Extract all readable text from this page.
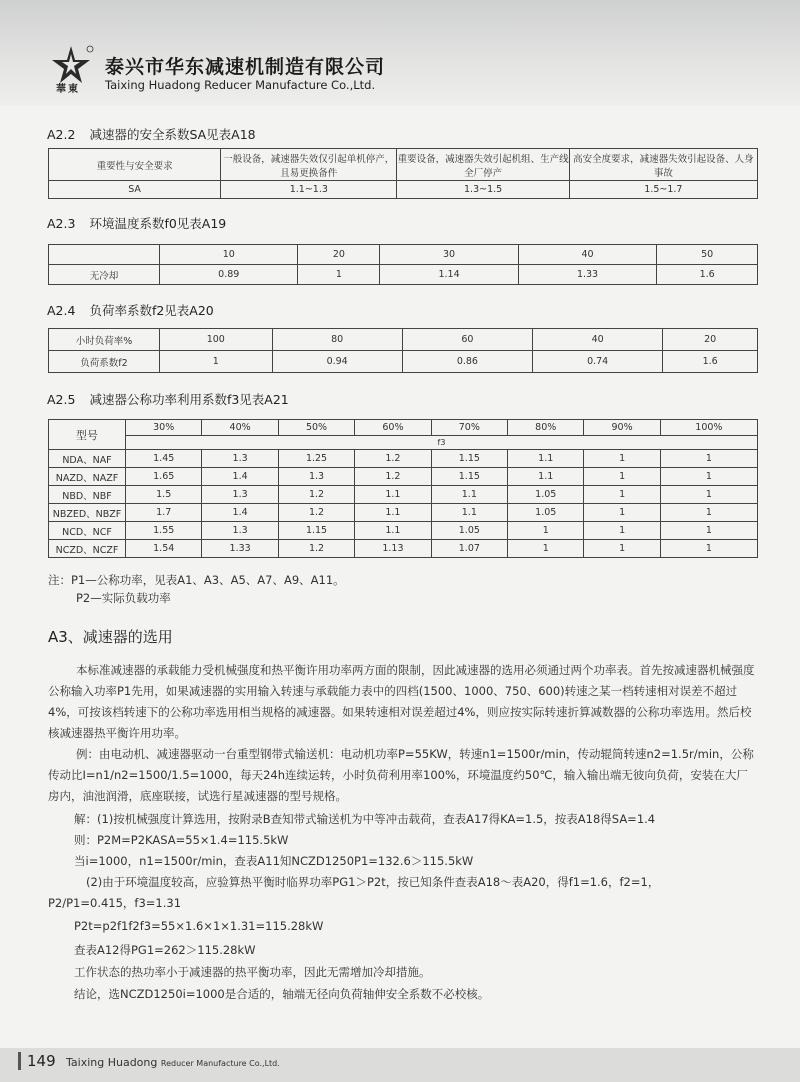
華東
泰兴市华东减速机制造有限公司
Taixing Huadong Reducer Manufacture Co.,Ltd.
A2.2 减速器的安全系数SA见表A18
重要性与安全要求	一般设备，减速器失效仅引起单机停产，且易更换备件	重要设备，减速器失效引起机组、生产线全厂停产	高安全度要求，减速器失效引起设备、人身事故
SA	1.1~1.3	1.3~1.5	1.5~1.7
A2.3 环境温度系数f0见表A19
	10	20	30	40	50
无冷却	0.89	1	1.14	1.33	1.6
A2.4 负荷率系数f2见表A20
小时负荷率%	100	80	60	40	20
负荷系数f2	1	0.94	0.86	0.74	1.6
A2.5 减速器公称功率利用系数f3见表A21
型号	30%	40%	50%	60%	70%	80%	90%	100%
	f3							
NDA、NAF	1.45	1.3	1.25	1.2	1.15	1.1	1	1
NAZD、NAZF	1.65	1.4	1.3	1.2	1.15	1.1	1	1
NBD、NBF	1.5	1.3	1.2	1.1	1.1	1.05	1	1
NBZED、NBZF	1.7	1.4	1.2	1.1	1.1	1.05	1	1
NCD、NCF	1.55	1.3	1.15	1.1	1.05	1	1	1
NCZD、NCZF	1.54	1.33	1.2	1.13	1.07	1	1	1
注：P1—公称功率，见表A1、A3、A5、A7、A9、A11。
P2—实际负载功率
A3、减速器的选用
本标准减速器的承载能力受机械强度和热平衡许用功率两方面的限制，因此减速器的选用必须通过两个功率表。首先按减速器机械强度公称输入功率P1先用，如果减速器的实用输入转速与承载能力表中的四档(1500、1000、750、600)转速之某一档转速相对误差不超过4%，可按该档转速下的公称功率选用相当规格的减速器。如果转速相对误差超过4%，则应按实际转速折算减数器的公称功率选用。然后校核减速器热平衡许用功率。
例：由电动机、减速器驱动一台重型钢带式输送机：电动机功率P=55KW，转速n1=1500r/min，传动辊筒转速n2=1.5r/min，公称传动比I=n1/n2=1500/1.5=1000，每天24h连续运转，小时负荷利用率100%，环境温度约50℃，输入输出端无彼向负荷，安装在大厂房内，油池润滑，底座联接，试选行星减速器的型号规格。
解：(1)按机械强度计算选用，按附录B查知带式输送机为中等冲击载荷，查表A17得KA=1.5，按表A18得SA=1.4
则：P2M=P2KASA=55×1.4=115.5kW
当i=1000，n1=1500r/min，查表A11知NCZD1250P1=132.6＞115.5kW
(2)由于环境温度较高，应验算热平衡时临界功率PG1＞P2t，按已知条件查表A18～表A20，得f1=1.6，f2=1，
P2/P1=0.415，f3=1.31
P2t=p2f1f2f3=55×1.6×1×1.31=115.28kW
查表A12得PG1=262＞115.28kW
工作状态的热功率小于减速器的热平衡功率，因此无需增加冷却措施。
结论，选NCZD1250i=1000是合适的，轴端无径向负荷轴伸安全系数不必校核。
149 Taixing Huadong Reducer Manufacture Co.,Ltd.
